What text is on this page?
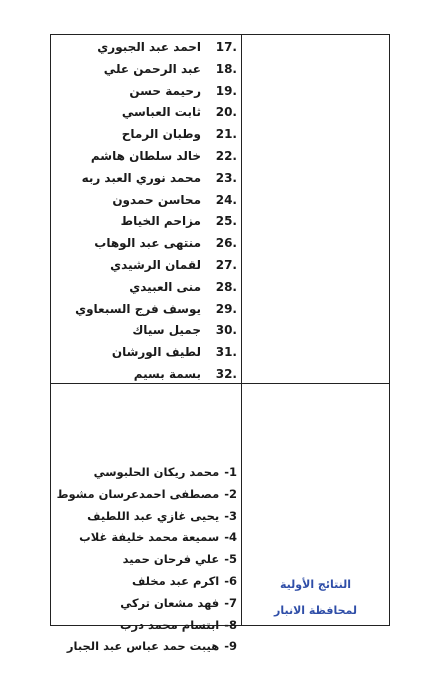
17.احمد عبد الجبوري
18.عبد الرحمن علي
19.رحيمة حسن
20.ثابت العباسي
21.وطبان الرماح
22.خالد سلطان هاشم
23.محمد نوري العبد ربه
24.محاسن حمدون
25.مزاحم الخياط
26.منتهى عبد الوهاب
27.لقمان الرشيدي
28.منى العبيدي
29.يوسف فرج السبعاوي
30.جميل سياك
31.لطيف الورشان
32.بسمة بسيم
1-محمد ريكان الحلبوسي
2-مصطفى احمدعرسان مشوط
3-يحيى غازي عبد اللطيف
4-سميعة محمد خليفة غلاب
5-علي فرحان حميد
6-اكرم عبد مخلف
7-فهد مشعان تركي
8-ابتسام محمد درب
9-هيبت حمد عباس عبد الجبار
النتائج الأولية
لمحافظة الانبار
